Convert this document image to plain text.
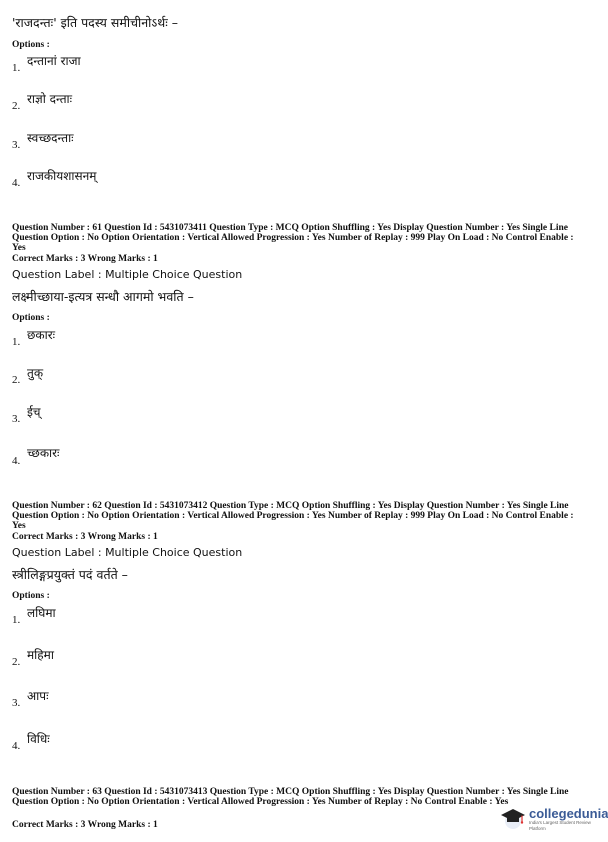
'राजदन्तः' इति पदस्य समीचीनोऽर्थः –
Options :
1. दन्तानां राजा
2. राज्ञो दन्ताः
3. स्वच्छदन्ताः
4. राजकीयशासनम्
Question Number : 61 Question Id : 5431073411 Question Type : MCQ Option Shuffling : Yes Display Question Number : Yes Single Line Question Option : No Option Orientation : Vertical Allowed Progression : Yes Number of Replay : 999 Play On Load : No Control Enable : Yes
Correct Marks : 3 Wrong Marks : 1
Question Label : Multiple Choice Question
लक्ष्मीच्छाया-इत्यत्र सन्धौ आगमो भवति –
Options :
1. छकारः
2. तुक्
3. ईच्
4.
च्छकारः
Question Number : 62 Question Id : 5431073412 Question Type : MCQ Option Shuffling : Yes Display Question Number : Yes Single Line Question Option : No Option Orientation : Vertical Allowed Progression : Yes Number of Replay : 999 Play On Load : No Control Enable : Yes
Correct Marks : 3 Wrong Marks : 1
Question Label : Multiple Choice Question
स्त्रीलिङ्गप्रयुक्तं पदं वर्तते –
Options :
1. लघिमा
2. महिमा
3. आपः
4. विधिः
Question Number : 63 Question Id : 5431073413 Question Type : MCQ Option Shuffling : Yes Display Question Number : Yes Single Line Question Option : No Option Orientation : Vertical Allowed Progression : Yes Number of Replay : No Control Enable : Yes
Correct Marks : 3 Wrong Marks : 1
collegedunia
India's Largest Student Review Platform
